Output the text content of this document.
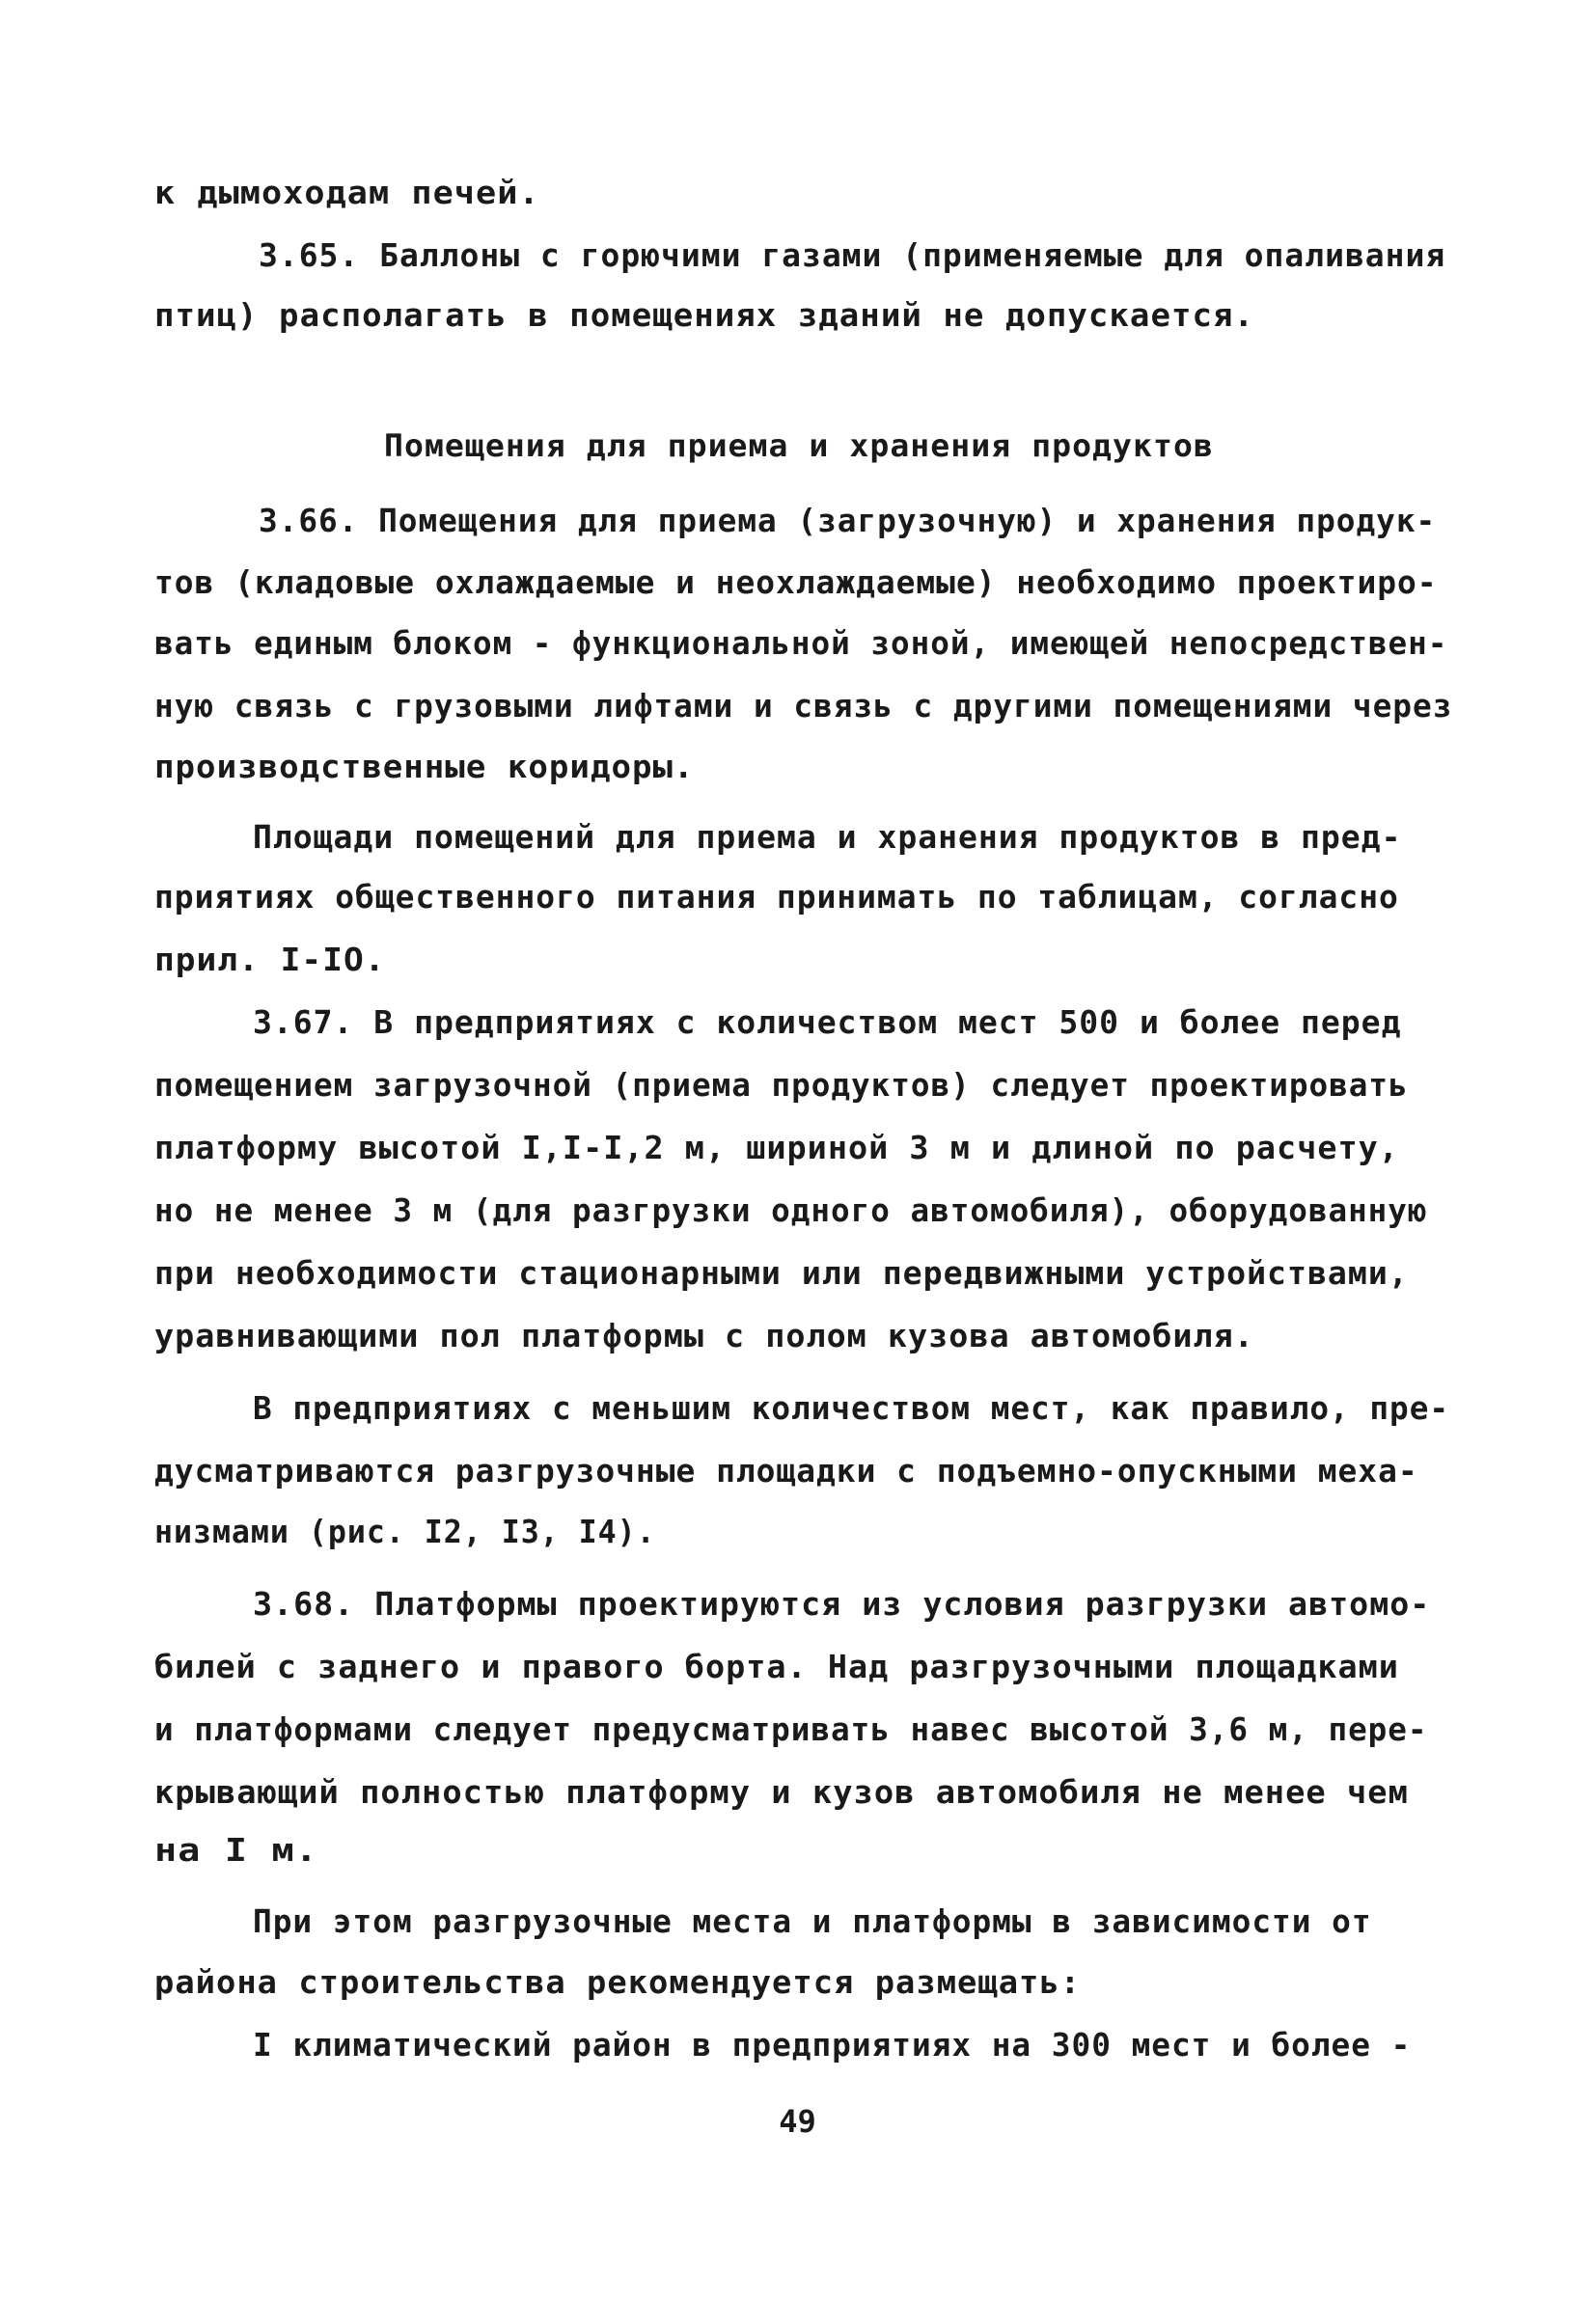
к дымоходам печей.
3.65. Баллоны с горючими газами (применяемые для опаливания
птиц) располагать в помещениях зданий не допускается.
Помещения для приема и хранения продуктов
3.66. Помещения для приема (загрузочную) и хранения продук-
тов (кладовые охлаждаемые и неохлаждаемые) необходимо проектиро-
вать единым блоком - функциональной зоной, имеющей непосредствен-
ную связь с грузовыми лифтами и связь с другими помещениями через
производственные коридоры.
Площади помещений для приема и хранения продуктов в пред-
приятиях общественного питания принимать по таблицам, согласно
прил. I-IO.
3.67. В предприятиях с количеством мест 500 и более перед
помещением загрузочной (приема продуктов) следует проектировать
платформу высотой I,I-I,2 м, шириной 3 м и длиной по расчету,
но не менее 3 м (для разгрузки одного автомобиля), оборудованную
при необходимости стационарными или передвижными устройствами,
уравнивающими пол платформы с полом кузова автомобиля.
В предприятиях с меньшим количеством мест, как правило, пре-
дусматриваются разгрузочные площадки с подъемно-опускными меха-
низмами (рис. I2, I3, I4).
3.68. Платформы проектируются из условия разгрузки автомо-
билей с заднего и правого борта. Над разгрузочными площадками
и платформами следует предусматривать навес высотой 3,6 м, пере-
крывающий полностью платформу и кузов автомобиля не менее чем
на I м.
При этом разгрузочные места и платформы в зависимости от
района строительства рекомендуется размещать:
I климатический район в предприятиях на 300 мест и более -
49
